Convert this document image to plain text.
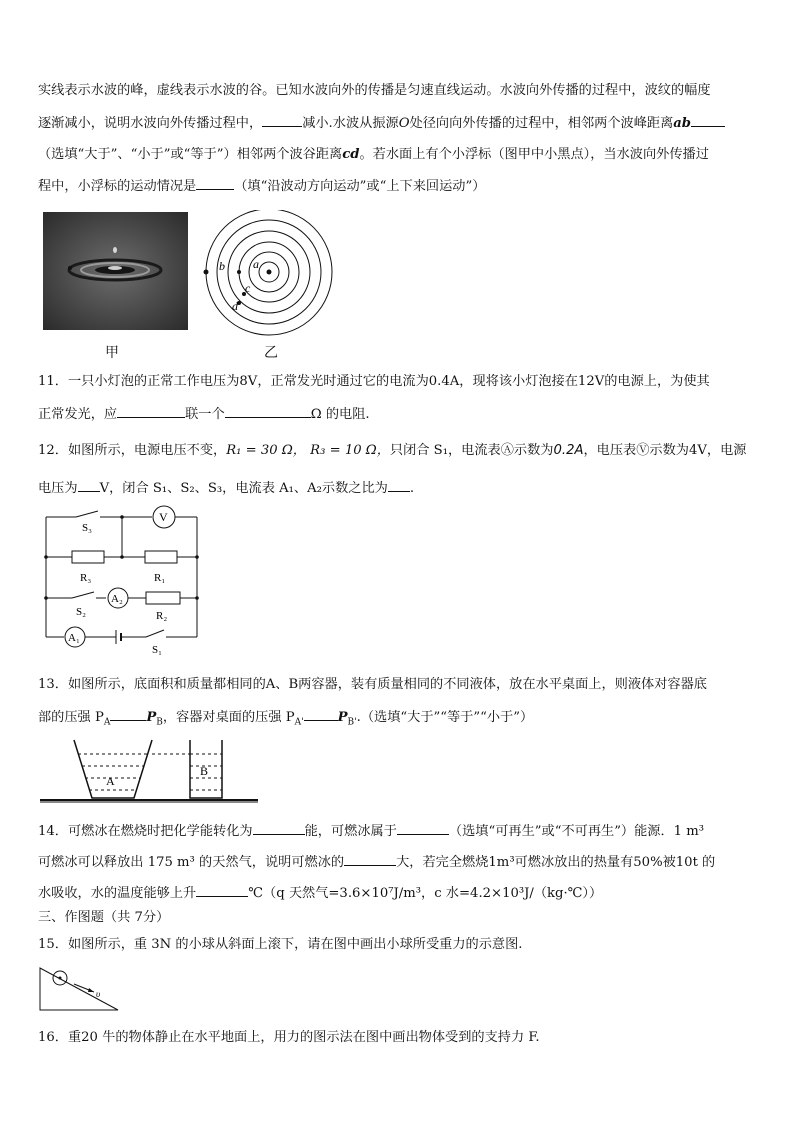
实线表示水波的峰，虚线表示水波的谷。已知水波向外的传播是匀速直线运动。水波向外传播的过程中，波纹的幅度
逐渐减小，说明水波向外传播过程中，	减小.水波从振源O处径向向外传播的过程中，相邻两个波峰距离ab
（选填“大于”、“小于”或“等于”）相邻两个波谷距离cd。若水面上有个小浮标（图甲中小黑点），当水波向外传播过
程中，小浮标的运动情况是	（填“沿波动方向运动”或“上下来回运动”）
甲
a
b
c
d
乙
11．一只小灯泡的正常工作电压为8V，正常发光时通过它的电流为0.4A，现将该小灯泡接在12V的电源上，为使其
正常发光，应	联一个	Ω 的电阻.
12．如图所示，电源电压不变，R₁ = 30 Ω， R₃ = 10 Ω，只闭合 S₁，电流表Ⓐ示数为0.2A，电压表Ⓥ示数为4V，电源
电压为 V，闭合 S₁、S₂、S₃，电流表 A₁、A₂示数之比为 .
S₃
V
R₃	R₁
S₂
A₂
R₂
A₁
S₁
13．如图所示，底面积和质量都相同的A、B两容器，装有质量相同的不同液体，放在水平桌面上，则液体对容器底
部的压强 $P_A$	$P_B$，容器对桌面的压强 $P_{A'}$	$P_{B'}$.（选填“大于”“等于”“小于”）
A
B
14．可燃冰在燃烧时把化学能转化为	能，可燃冰属于	（选填“可再生”或“不可再生”）能源．1 m³
可燃冰可以释放出 175 m³ 的天然气，说明可燃冰的	大，若完全燃烧1m³可燃冰放出的热量有50%被10t 的
水吸收，水的温度能够上升	℃（q 天然气=3.6×10⁷J/m³，c 水=4.2×10³J/（kg·℃））
三、作图题（共 7分）
15．如图所示，重 3N 的小球从斜面上滚下，请在图中画出小球所受重力的示意图.
υ
16．重20 牛的物体静止在水平地面上，用力的图示法在图中画出物体受到的支持力 F.
